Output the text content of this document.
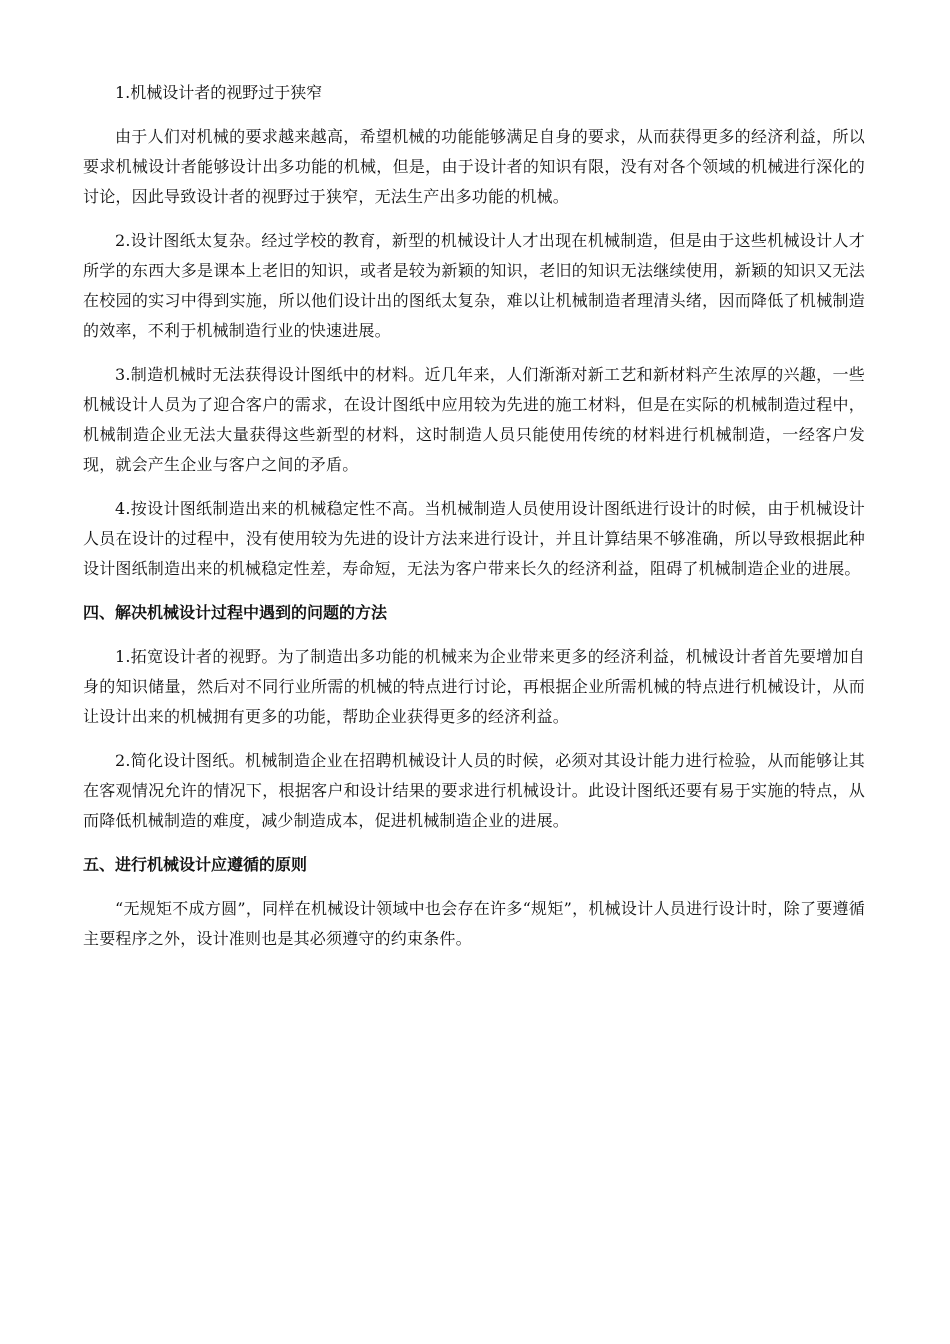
1.机械设计者的视野过于狭窄

由于人们对机械的要求越来越高，希望机械的功能能够满足自身的要求，从而获得更多的经济利益，所以要求机械设计者能够设计出多功能的机械，但是，由于设计者的知识有限，没有对各个领域的机械进行深化的讨论，因此导致设计者的视野过于狭窄，无法生产出多功能的机械。

2.设计图纸太复杂。经过学校的教育，新型的机械设计人才出现在机械制造，但是由于这些机械设计人才所学的东西大多是课本上老旧的知识，或者是较为新颖的知识，老旧的知识无法继续使用，新颖的知识又无法在校园的实习中得到实施，所以他们设计出的图纸太复杂，难以让机械制造者理清头绪，因而降低了机械制造的效率，不利于机械制造行业的快速进展。

3.制造机械时无法获得设计图纸中的材料。近几年来，人们渐渐对新工艺和新材料产生浓厚的兴趣，一些机械设计人员为了迎合客户的需求，在设计图纸中应用较为先进的施工材料，但是在实际的机械制造过程中，机械制造企业无法大量获得这些新型的材料，这时制造人员只能使用传统的材料进行机械制造，一经客户发现，就会产生企业与客户之间的矛盾。

4.按设计图纸制造出来的机械稳定性不高。当机械制造人员使用设计图纸进行设计的时候，由于机械设计人员在设计的过程中，没有使用较为先进的设计方法来进行设计，并且计算结果不够准确，所以导致根据此种设计图纸制造出来的机械稳定性差，寿命短，无法为客户带来长久的经济利益，阻碍了机械制造企业的进展。

四、解决机械设计过程中遇到的问题的方法

1.拓宽设计者的视野。为了制造出多功能的机械来为企业带来更多的经济利益，机械设计者首先要增加自身的知识储量，然后对不同行业所需的机械的特点进行讨论，再根据企业所需机械的特点进行机械设计，从而让设计出来的机械拥有更多的功能，帮助企业获得更多的经济利益。

2.简化设计图纸。机械制造企业在招聘机械设计人员的时候，必须对其设计能力进行检验，从而能够让其在客观情况允许的情况下，根据客户和设计结果的要求进行机械设计。此设计图纸还要有易于实施的特点，从而降低机械制造的难度，减少制造成本，促进机械制造企业的进展。

五、进行机械设计应遵循的原则

“无规矩不成方圆”，同样在机械设计领域中也会存在许多“规矩”，机械设计人员进行设计时，除了要遵循主要程序之外，设计准则也是其必须遵守的约束条件。
